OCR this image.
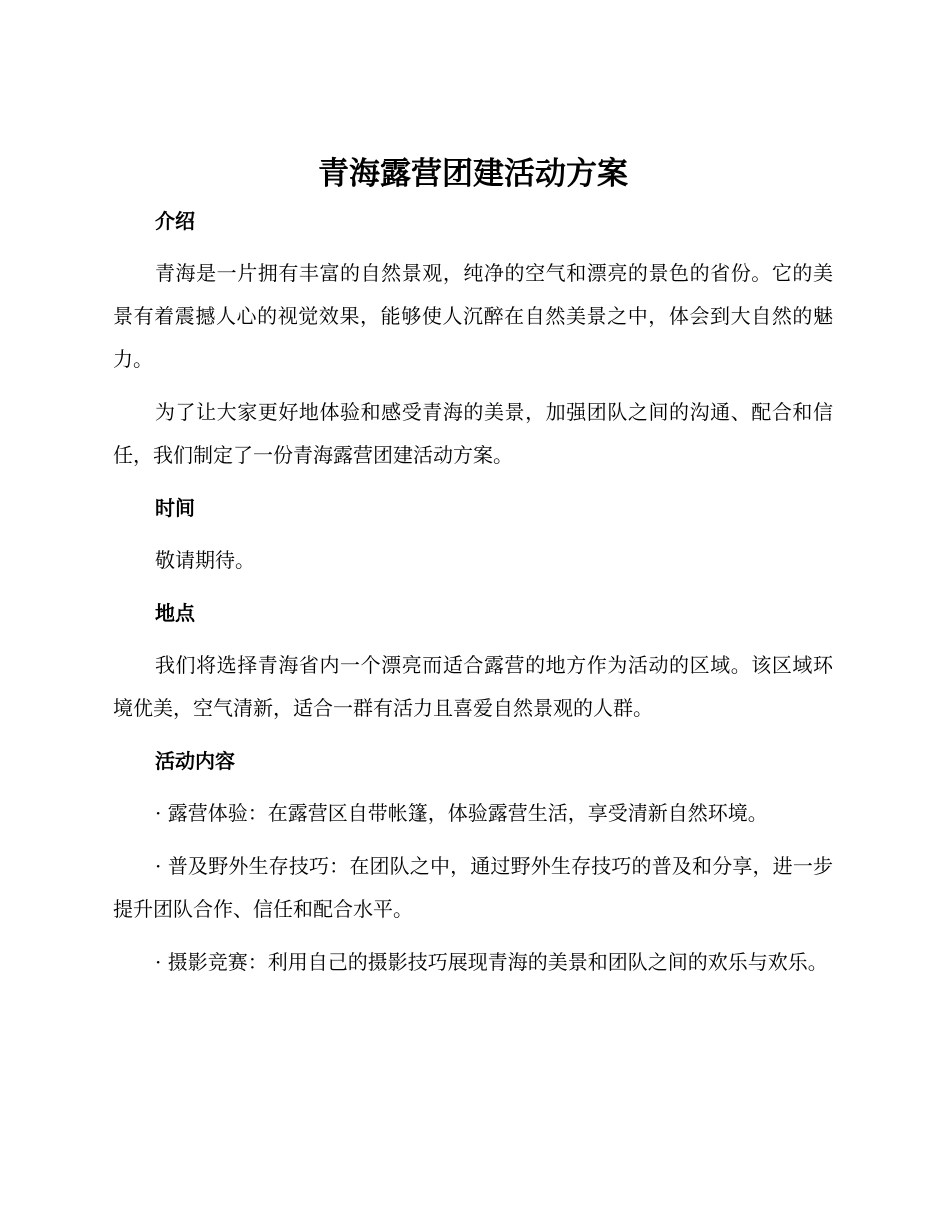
青海露营团建活动方案
介绍

青海是一片拥有丰富的自然景观，纯净的空气和漂亮的景色的省份。它的美景有着震撼人心的视觉效果，能够使人沉醉在自然美景之中，体会到大自然的魅力。

为了让大家更好地体验和感受青海的美景，加强团队之间的沟通、配合和信任，我们制定了一份青海露营团建活动方案。

时间

敬请期待。

地点

我们将选择青海省内一个漂亮而适合露营的地方作为活动的区域。该区域环境优美，空气清新，适合一群有活力且喜爱自然景观的人群。

活动内容

· 露营体验：在露营区自带帐篷，体验露营生活，享受清新自然环境。

· 普及野外生存技巧：在团队之中，通过野外生存技巧的普及和分享，进一步提升团队合作、信任和配合水平。

· 摄影竞赛：利用自己的摄影技巧展现青海的美景和团队之间的欢乐与欢乐。
